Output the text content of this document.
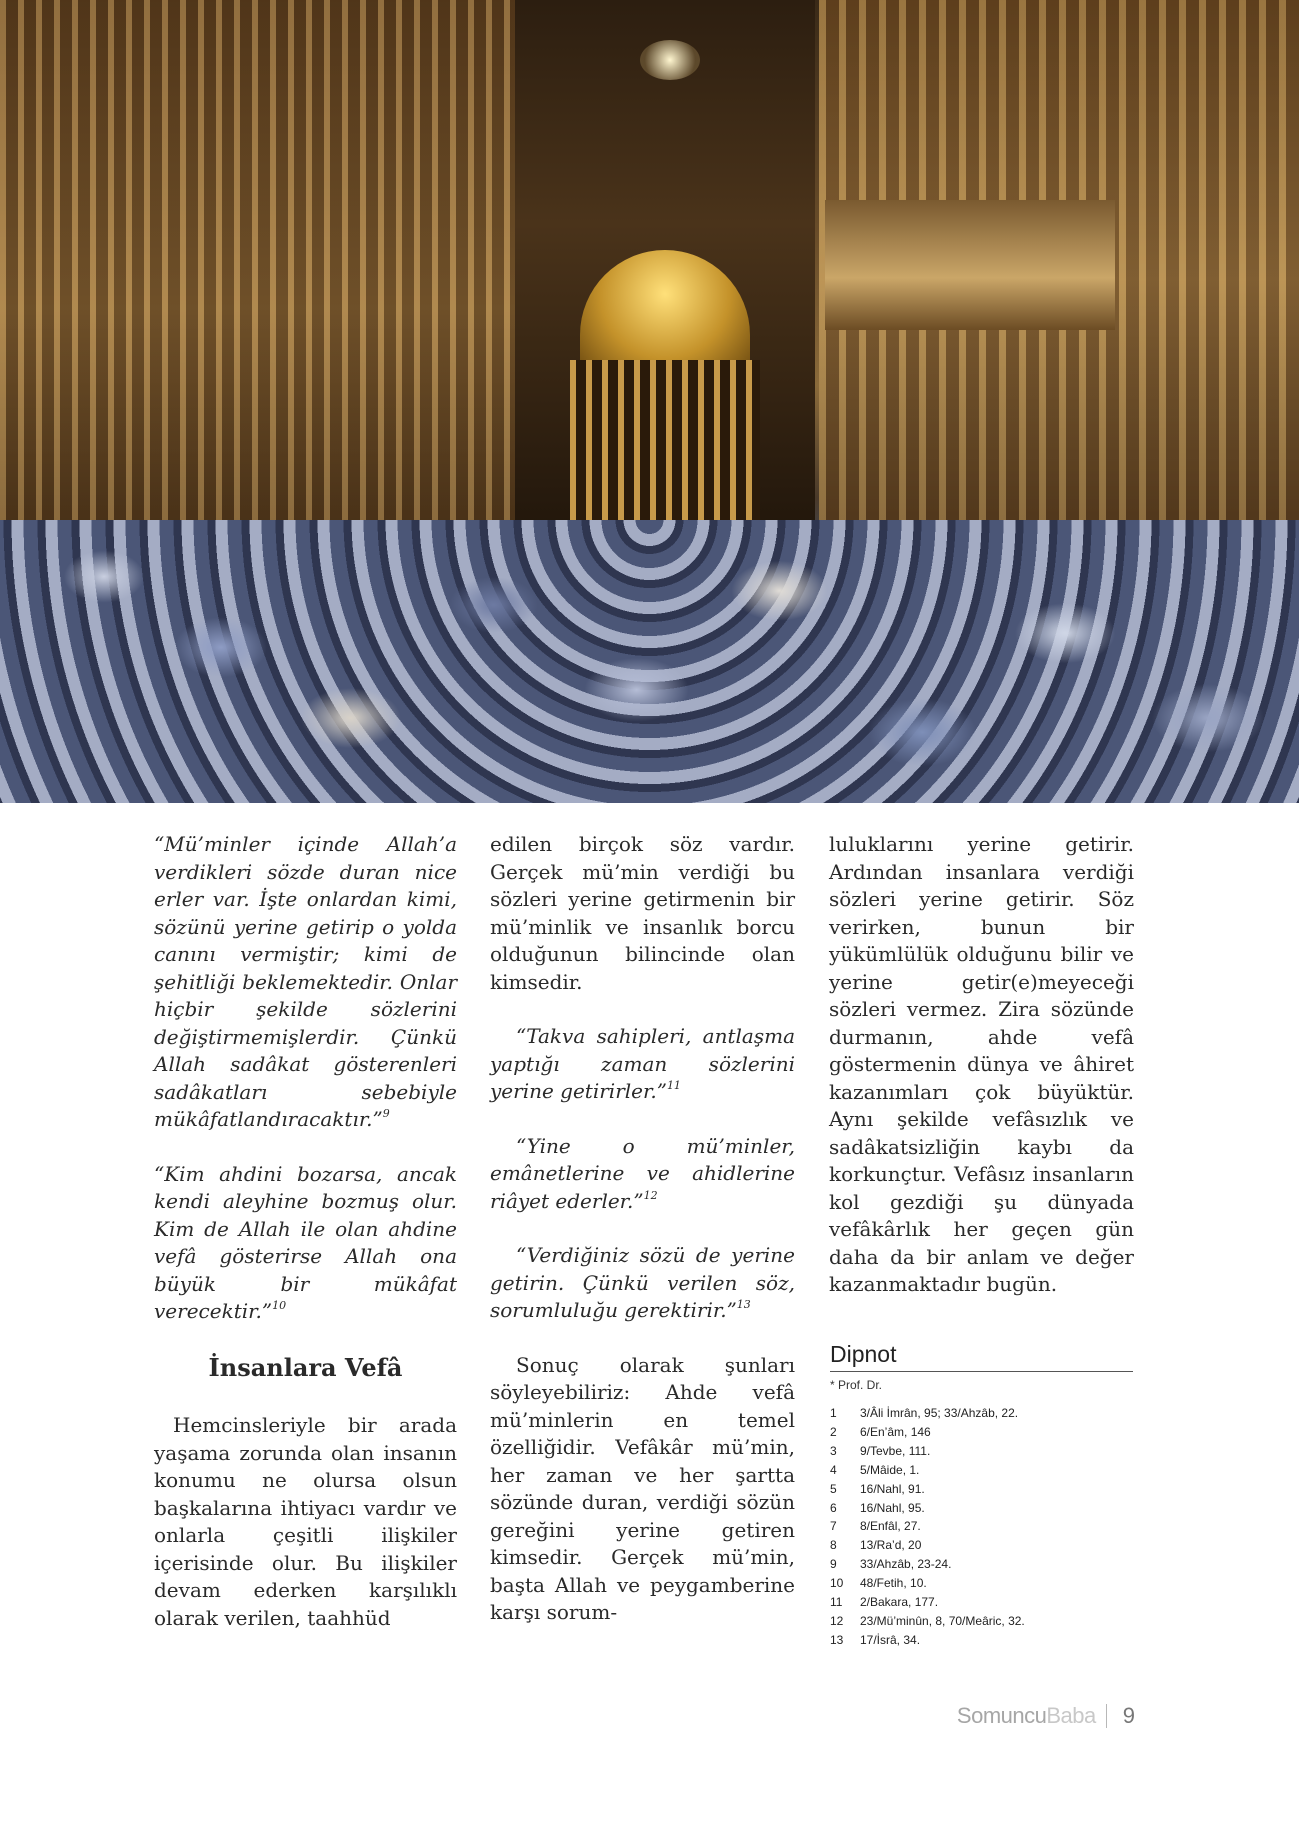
“Mü’minler içinde Allah’a verdikleri sözde duran nice erler var. İşte onlardan kimi, sözünü yerine getirip o yolda canını vermiştir; kimi de şehitliği beklemektedir. Onlar hiçbir şekilde sözlerini değiştirmemişlerdir. Çünkü Allah sadâkat gösterenleri sadâkatları sebebiyle mükâfatlandıracaktır.”$^9$

“Kim ahdini bozarsa, ancak kendi aleyhine bozmuş olur. Kim de Allah ile olan ahdine vefâ gösterirse Allah ona büyük bir mükâfat verecektir.”$^{10}$

İnsanlara Vefâ

Hemcinsleriyle bir arada yaşama zorunda olan insanın konumu ne olursa olsun başkalarına ihtiyacı vardır ve onlarla çeşitli ilişkiler içerisinde olur. Bu ilişkiler devam ederken karşılıklı olarak verilen, taahhüd

edilen birçok söz vardır. Gerçek mü’min verdiği bu sözleri yerine getirmenin bir mü’minlik ve insanlık borcu olduğunun bilincinde olan kimsedir.

“Takva sahipleri, antlaşma yaptığı zaman sözlerini yerine getirirler.”$^{11}$

“Yine o mü’minler, emânetlerine ve ahidlerine riâyet ederler.”$^{12}$

“Verdiğiniz sözü de yerine getirin. Çünkü verilen söz, sorumluluğu gerektirir.”$^{13}$

Sonuç olarak şunları söyleyebiliriz: Ahde vefâ mü’minlerin en temel özelliğidir. Vefâkâr mü’min, her zaman ve her şartta sözünde duran, verdiği sözün gereğini yerine getiren kimsedir. Gerçek mü’min, başta Allah ve peygamberine karşı sorum-

luluklarını yerine getirir. Ardından insanlara verdiği sözleri yerine getirir. Söz verirken, bunun bir yükümlülük olduğunu bilir ve yerine getir(e)meyeceği sözleri vermez. Zira sözünde durmanın, ahde vefâ göstermenin dünya ve âhiret kazanımları çok büyüktür. Aynı şekilde vefâsızlık ve sadâkatsizliğin kaybı da korkunçtur. Vefâsız insanların kol gezdiği şu dünyada vefâkârlık her geçen gün daha da bir anlam ve değer kazanmaktadır bugün.

Dipnot
* Prof. Dr.
1	3/Âli İmrân, 95; 33/Ahzâb, 22.
2	6/En’âm, 146
3	9/Tevbe, 111.
4	5/Mâide, 1.
5	16/Nahl, 91.
6	16/Nahl, 95.
7	8/Enfâl, 27.
8	13/Ra’d, 20
9	33/Ahzâb, 23-24.
10	48/Fetih, 10.
11	2/Bakara, 177.
12	23/Mü’minûn, 8, 70/Meâric, 32.
13	17/İsrâ, 34.
Somuncu Baba 9
